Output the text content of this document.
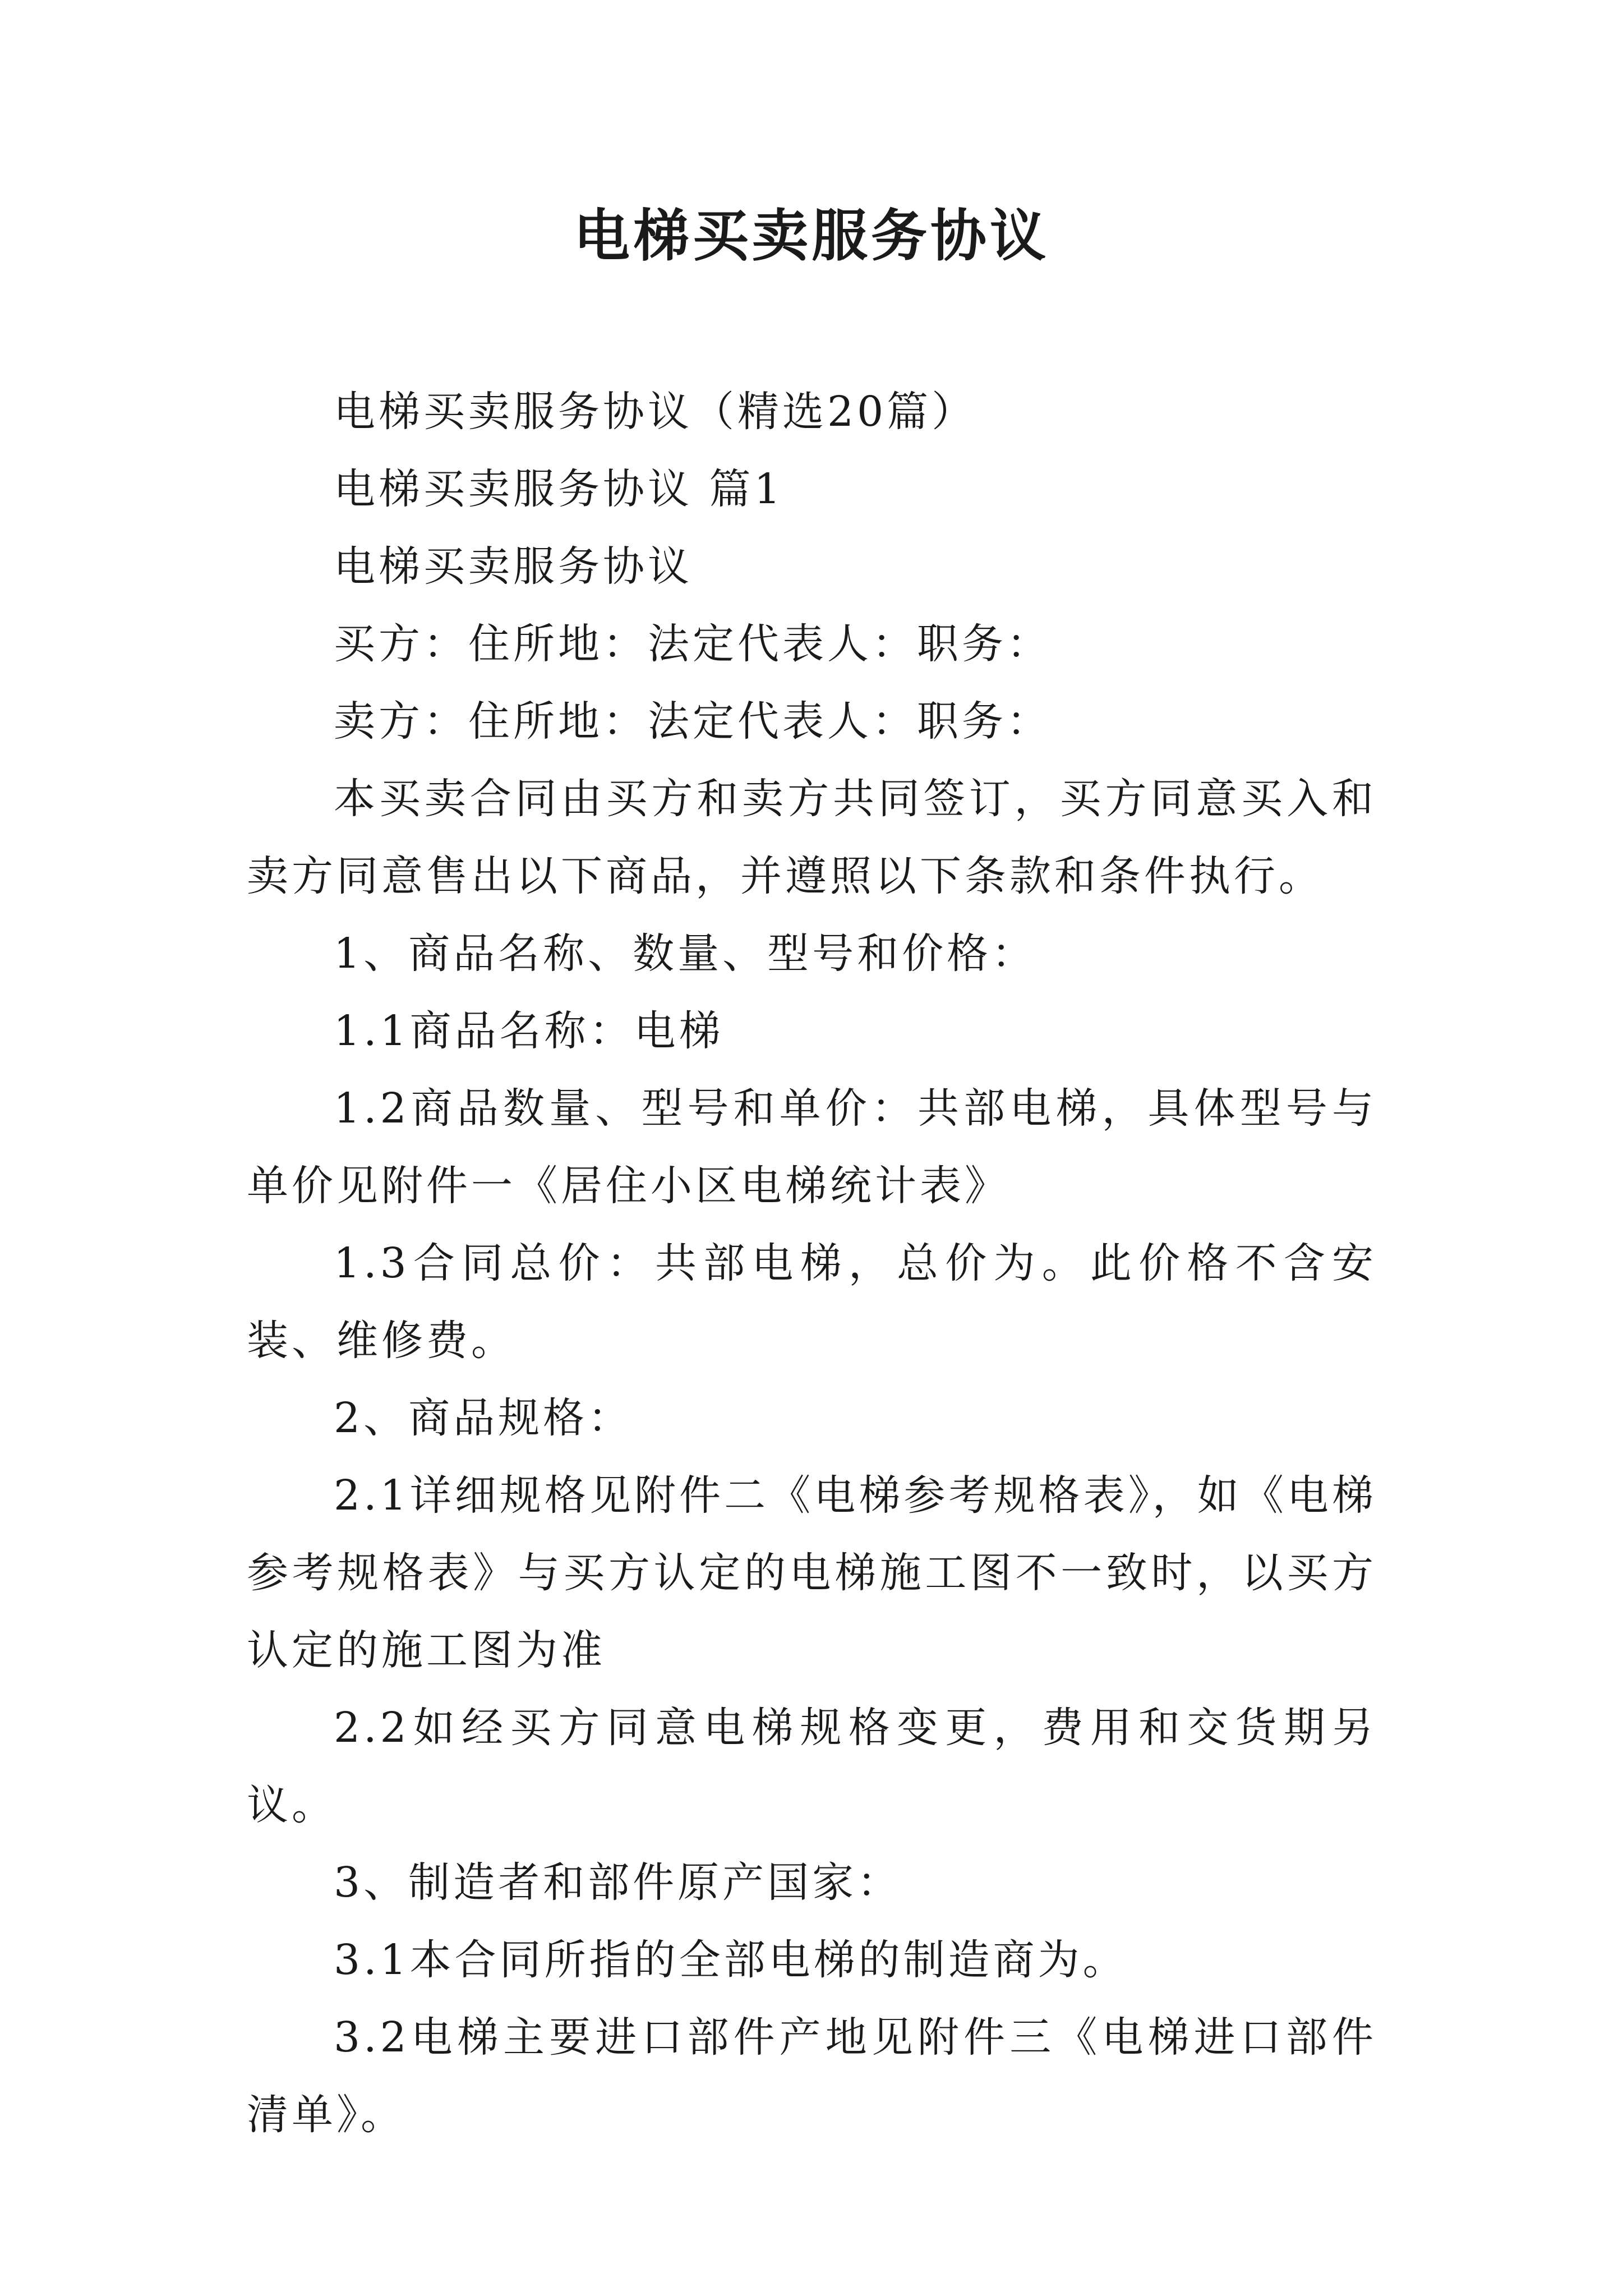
电梯买卖服务协议

电梯买卖服务协议（精选20篇）

电梯买卖服务协议 篇1

电梯买卖服务协议

买方：住所地：法定代表人：职务：

卖方：住所地：法定代表人：职务：

本买卖合同由买方和卖方共同签订，买方同意买入和卖方同意售出以下商品，并遵照以下条款和条件执行。

1、商品名称、数量、型号和价格：

1.1商品名称：电梯

1.2商品数量、型号和单价：共部电梯，具体型号与单价见附件一《居住小区电梯统计表》

1.3合同总价：共部电梯，总价为。此价格不含安装、维修费。

2、商品规格：

2.1详细规格见附件二《电梯参考规格表》，如《电梯参考规格表》与买方认定的电梯施工图不一致时，以买方认定的施工图为准

2.2如经买方同意电梯规格变更，费用和交货期另议。

3、制造者和部件原产国家：

3.1本合同所指的全部电梯的制造商为。

3.2电梯主要进口部件产地见附件三《电梯进口部件清单》。
